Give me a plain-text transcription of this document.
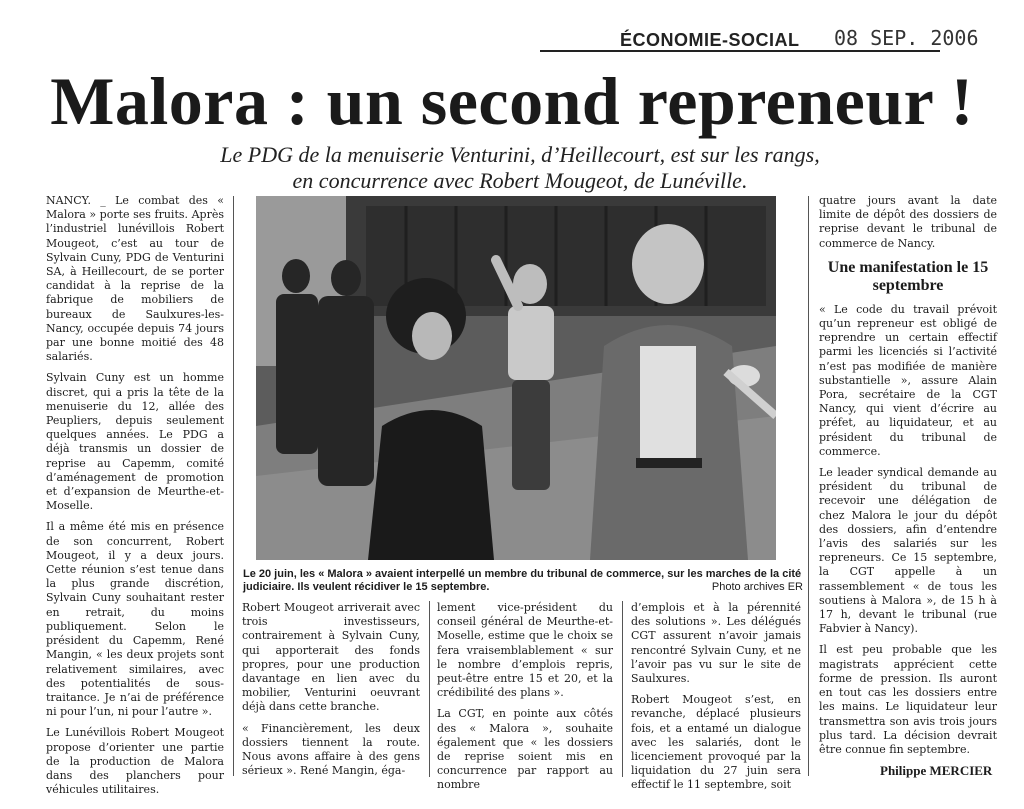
ÉCONOMIE-SOCIAL 08 SEP. 2006
Malora : un second repreneur !
Le PDG de la menuiserie Venturini, d’Heillecourt, est sur les rangs,
en concurrence avec Robert Mougeot, de Lunéville.

NANCY. _ Le combat des « Malora » porte ses fruits. Après l’industriel lunévillois Robert Mougeot, c’est au tour de Sylvain Cuny, PDG de Venturini SA, à Heillecourt, de se porter candidat à la reprise de la fabrique de mobiliers de bureaux de Saulxures-les-Nancy, occupée depuis 74 jours par une bonne moitié des 48 salariés.

Sylvain Cuny est un homme discret, qui a pris la tête de la menuiserie du 12, allée des Peupliers, depuis seulement quelques années. Le PDG a déjà transmis un dossier de reprise au Capemm, comité d’aménagement de promotion et d’expansion de Meurthe-et-Moselle.

Il a même été mis en présence de son concurrent, Robert Mougeot, il y a deux jours. Cette réunion s’est tenue dans la plus grande discrétion, Sylvain Cuny souhaitant rester en retrait, du moins publiquement. Selon le président du Capemm, René Mangin, « les deux projets sont relativement similaires, avec des potentialités de sous-traitance. Je n’ai de préférence ni pour l’un, ni pour l’autre ».

Le Lunévillois Robert Mougeot propose d’orienter une partie de la production de Malora dans des planchers pour véhicules utilitaires.

Le 20 juin, les « Malora » avaient interpellé un membre du tribunal de commerce, sur les marches de la cité judiciaire. Ils veulent récidiver le 15 septembre.	Photo archives ER

Robert Mougeot arriverait avec trois investisseurs, contrairement à Sylvain Cuny, qui apporterait des fonds propres, pour une production davantage en lien avec du mobilier, Venturini oeuvrant déjà dans cette branche.

« Financièrement, les deux dossiers tiennent la route. Nous avons affaire à des gens sérieux ». René Mangin, éga-

lement vice-président du conseil général de Meurthe-et-Moselle, estime que le choix se fera vraisemblablement « sur le nombre d’emplois repris, peut-être entre 15 et 20, et la crédibilité des plans ».

La CGT, en pointe aux côtés des « Malora », souhaite également que « les dossiers de reprise soient mis en concurrence par rapport au nombre

d’emplois et à la pérennité des solutions ». Les délégués CGT assurent n’avoir jamais rencontré Sylvain Cuny, et ne l’avoir pas vu sur le site de Saulxures.

Robert Mougeot s’est, en revanche, déplacé plusieurs fois, et a entamé un dialogue avec les salariés, dont le licenciement provoqué par la liquidation du 27 juin sera effectif le 11 septembre, soit

quatre jours avant la date limite de dépôt des dossiers de reprise devant le tribunal de commerce de Nancy.

Une manifestation le 15 septembre

« Le code du travail prévoit qu’un repreneur est obligé de reprendre un certain effectif parmi les licenciés si l’activité n’est pas modifiée de manière substantielle », assure Alain Pora, secrétaire de la CGT Nancy, qui vient d’écrire au préfet, au liquidateur, et au président du tribunal de commerce.

Le leader syndical demande au président du tribunal de recevoir une délégation de chez Malora le jour du dépôt des dossiers, afin d’entendre l’avis des salariés sur les repreneurs. Ce 15 septembre, la CGT appelle à un rassemblement « de tous les soutiens à Malora », de 15 h à 17 h, devant le tribunal (rue Fabvier à Nancy).

Il est peu probable que les magistrats apprécient cette forme de pression. Ils auront en tout cas les dossiers entre les mains. Le liquidateur leur transmettra son avis trois jours plus tard. La décision devrait être connue fin septembre.

Philippe MERCIER
